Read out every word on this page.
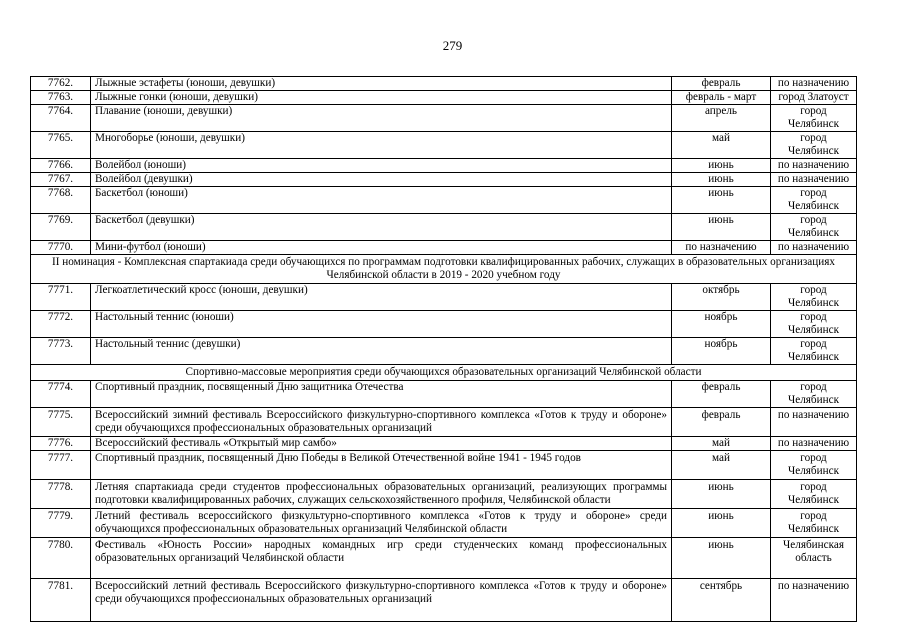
279
7762.	Лыжные эстафеты (юноши, девушки)	февраль	по назначению
7763.	Лыжные гонки (юноши, девушки)	февраль - март	город Златоуст
7764.	Плавание (юноши, девушки)	апрель	город Челябинск
7765.	Многоборье (юноши, девушки)	май	город Челябинск
7766.	Волейбол (юноши)	июнь	по назначению
7767.	Волейбол (девушки)	июнь	по назначению
7768.	Баскетбол (юноши)	июнь	город Челябинск
7769.	Баскетбол (девушки)	июнь	город Челябинск
7770.	Мини-футбол (юноши)	по назначению	по назначению
II номинация - Комплексная спартакиада среди обучающихся по программам подготовки квалифицированных рабочих, служащих в образовательных организациях Челябинской области в 2019 - 2020 учебном году			
7771.	Легкоатлетический кросс (юноши, девушки)	октябрь	город Челябинск
7772.	Настольный теннис (юноши)	ноябрь	город Челябинск
7773.	Настольный теннис (девушки)	ноябрь	город Челябинск
Спортивно-массовые мероприятия среди обучающихся образовательных организаций Челябинской области			
7774.	Спортивный праздник, посвященный Дню защитника Отечества	февраль	город Челябинск
7775.	Всероссийский зимний фестиваль Всероссийского физкультурно-спортивного комплекса «Готов к труду и обороне» среди обучающихся профессиональных образовательных организаций	февраль	по назначению
7776.	Всероссийский фестиваль «Открытый мир самбо»	май	по назначению
7777.	Спортивный праздник, посвященный Дню Победы в Великой Отечественной войне 1941 - 1945 годов	май	город Челябинск
7778.	Летняя спартакиада среди студентов профессиональных образовательных организаций, реализующих программы подготовки квалифицированных рабочих, служащих сельскохозяйственного профиля, Челябинской области	июнь	город Челябинск
7779.	Летний фестиваль всероссийского физкультурно-спортивного комплекса «Готов к труду и обороне» среди обучающихся профессиональных образовательных организаций Челябинской области	июнь	город Челябинск
7780.	Фестиваль «Юность России» народных командных игр среди студенческих команд профессиональных образовательных организаций Челябинской области	июнь	Челябинская область
7781.	Всероссийский летний фестиваль Всероссийского физкультурно-спортивного комплекса «Готов к труду и обороне» среди обучающихся профессиональных образовательных организаций	сентябрь	по назначению
